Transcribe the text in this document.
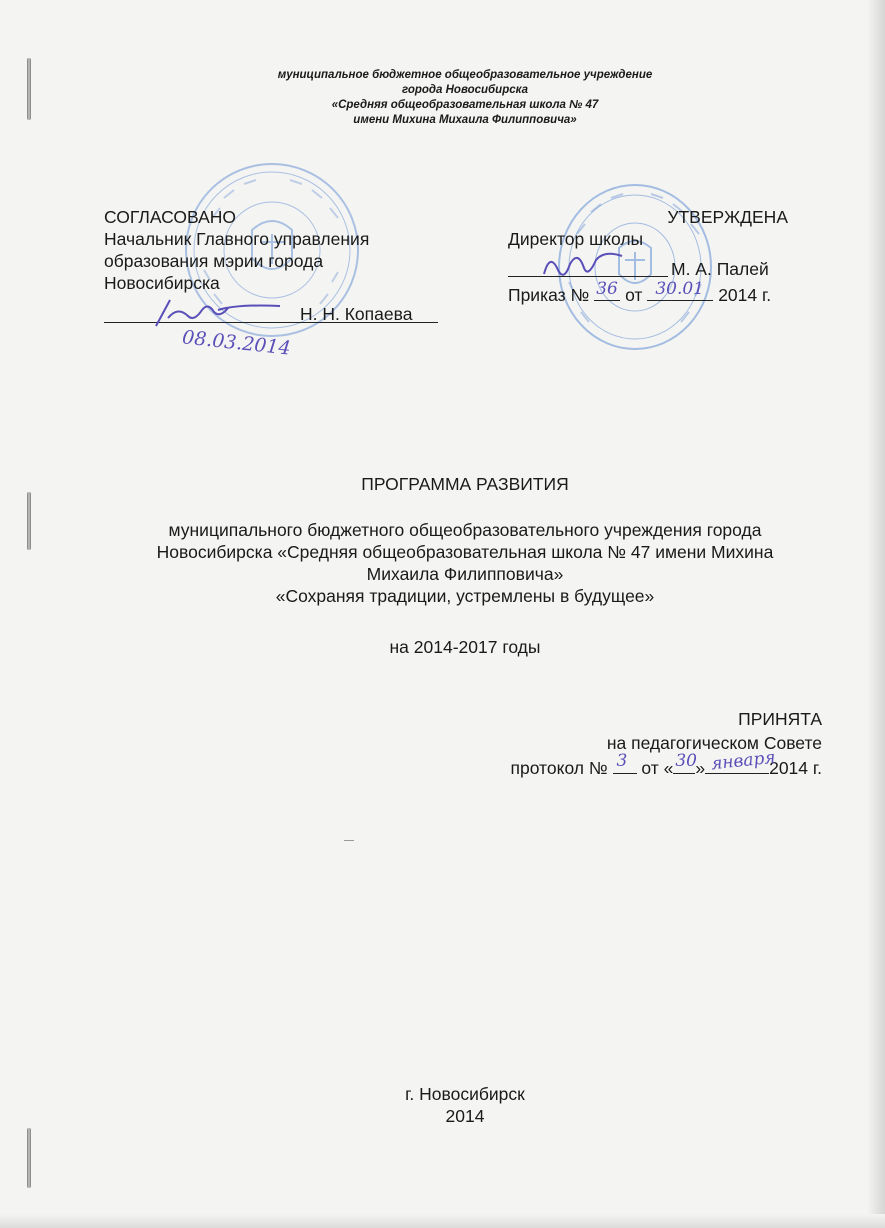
муниципальное бюджетное общеобразовательное учреждение
города Новосибирска
«Средняя общеобразовательная школа № 47
имени Михина Михаила Филипповича»
СОГЛАСОВАНО
Начальник Главного управления
образования мэрии города
Новосибирска
Н. Н. Копаева
08.03.2014
УТВЕРЖДЕНА
Директор школы
М. А. Палей
Приказ № 36 от 30.01 2014 г.
ПРОГРАММА РАЗВИТИЯ
муниципального бюджетного общеобразовательного учреждения города
Новосибирска «Средняя общеобразовательная школа № 47 имени Михина
Михаила Филипповича»
«Сохраняя традиции, устремлены в будущее»
на 2014-2017 годы
ПРИНЯТА
на педагогическом Совете
протокол № 3 от « 30
» января
2014 г.
г. Новосибирск
2014
